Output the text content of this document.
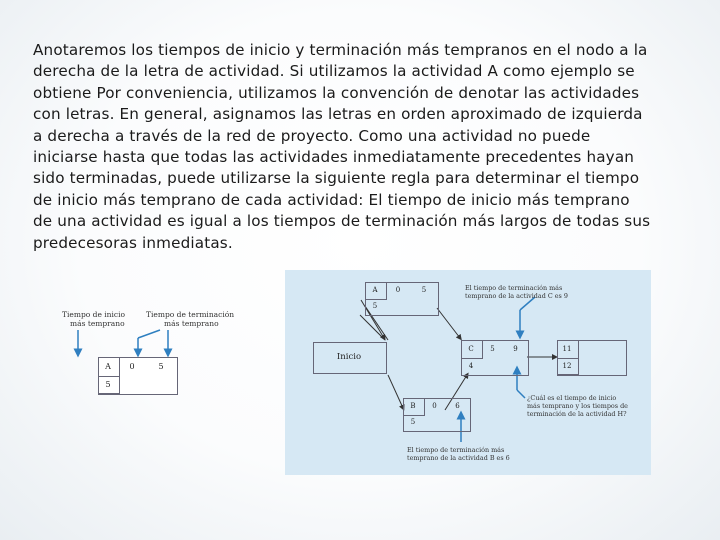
Anotaremos los tiempos de inicio y terminación más tempranos en el nodo a la
derecha de la letra de actividad. Si utilizamos la actividad A como ejemplo se
obtiene Por conveniencia, utilizamos la convención de denotar las actividades
con letras. En general, asignamos las letras en orden aproximado de izquierda
a derecha a través de la red de proyecto. Como una actividad no puede
iniciarse hasta que todas las actividades inmediatamente precedentes hayan
sido terminadas, puede utilizarse la siguiente regla para determinar el tiempo
de inicio más temprano de cada actividad: El tiempo de inicio más temprano
de una actividad es igual a los tiempos de terminación más largos de todas sus
predecesoras inmediatas.
Tiempo de inicio
más temprano
Tiempo de terminación
más temprano
A	0	5
5
Inicio
A	0	5
5
C	5	9
4
11
12
B	0	6
5
El tiempo de terminación más
temprano de la actividad C es 9
¿Cuál es el tiempo de inicio
más temprano y los tiempos de
terminación de la actividad H?
El tiempo de terminación más
temprano de la actividad B es 6
